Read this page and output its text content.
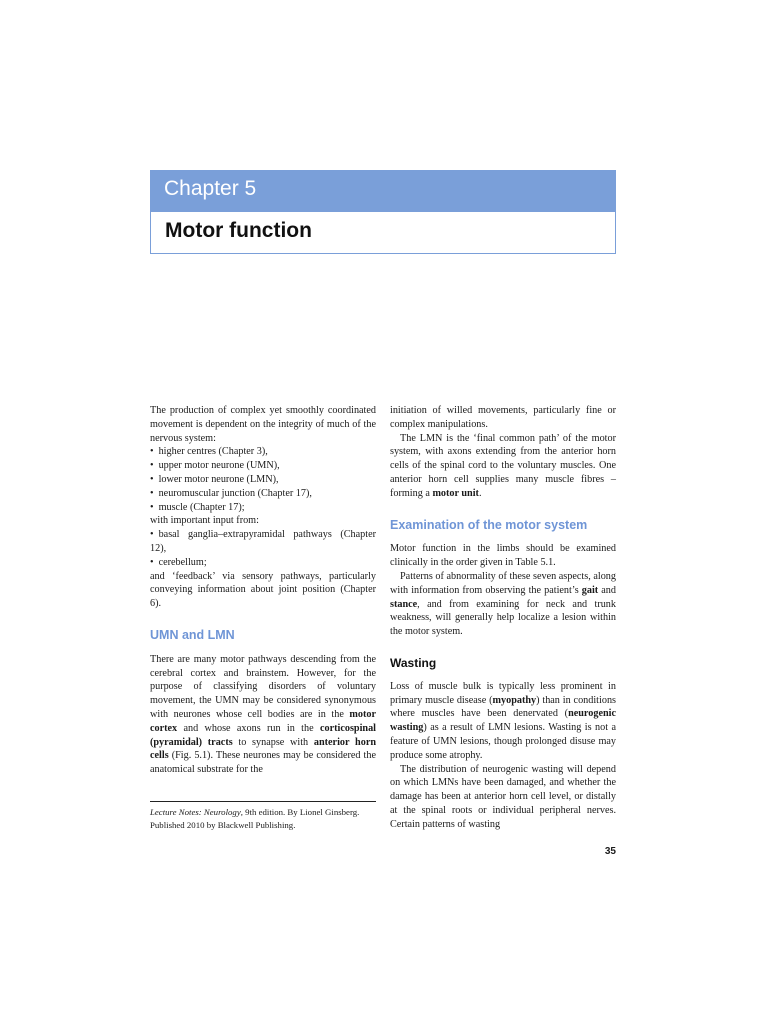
Chapter 5
Motor function

The production of complex yet smoothly coordinated movement is dependent on the integrity of much of the nervous system:

• higher centres (Chapter 3),
• upper motor neurone (UMN),
• lower motor neurone (LMN),
• neuromuscular junction (Chapter 17),
• muscle (Chapter 17);

with important input from:

• basal ganglia–extrapyramidal pathways (Chapter 12),
• cerebellum;

and ‘feedback’ via sensory pathways, particularly conveying information about joint position (Chapter 6).

UMN and LMN

There are many motor pathways descending from the cerebral cortex and brainstem. However, for the purpose of classifying disorders of voluntary movement, the UMN may be considered synonymous with neurones whose cell bodies are in the motor cortex and whose axons run in the corticospinal (pyramidal) tracts to synapse with anterior horn cells (Fig. 5.1). These neurones may be considered the anatomical substrate for the

initiation of willed movements, particularly fine or complex manipulations.

The LMN is the ‘final common path’ of the motor system, with axons extending from the anterior horn cells of the spinal cord to the voluntary muscles. One anterior horn cell supplies many muscle fibres – forming a motor unit.

Examination of the motor system

Motor function in the limbs should be examined clinically in the order given in Table 5.1.

Patterns of abnormality of these seven aspects, along with information from observing the patient’s gait and stance, and from examining for neck and trunk weakness, will generally help localize a lesion within the motor system.

Wasting

Loss of muscle bulk is typically less prominent in primary muscle disease (myopathy) than in conditions where muscles have been denervated (neurogenic wasting) as a result of LMN lesions. Wasting is not a feature of UMN lesions, though prolonged disuse may produce some atrophy.

The distribution of neurogenic wasting will depend on which LMNs have been damaged, and whether the damage has been at anterior horn cell level, or distally at the spinal roots or individual peripheral nerves. Certain patterns of wasting

Lecture Notes: Neurology, 9th edition. By Lionel Ginsberg. Published 2010 by Blackwell Publishing.
35
